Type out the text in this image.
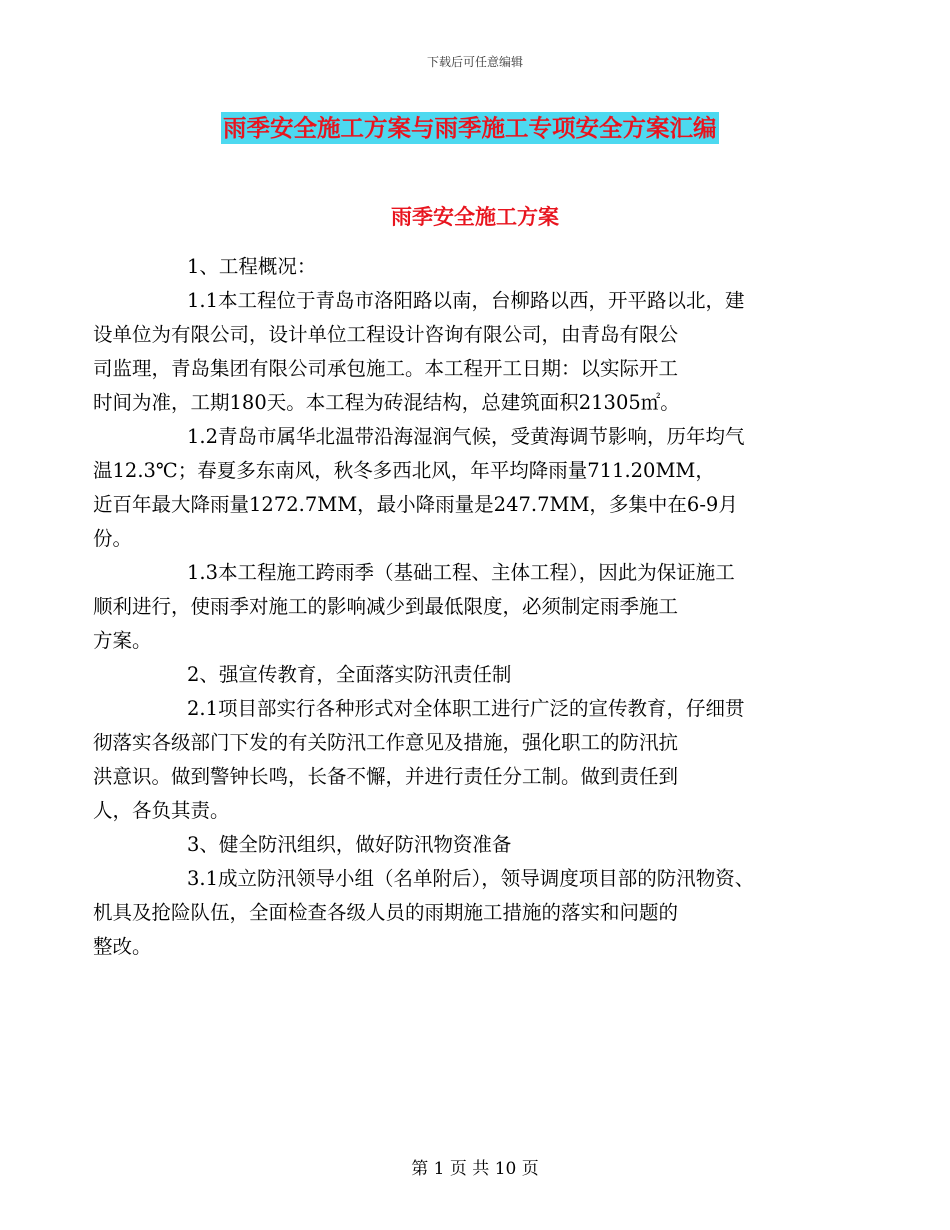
下载后可任意编辑
雨季安全施工方案与雨季施工专项安全方案汇编
雨季安全施工方案

1、工程概况：

1.1本工程位于青岛市洛阳路以南，台柳路以西，开平路以北，建
设单位为有限公司，设计单位工程设计咨询有限公司，由青岛有限公
司监理，青岛集团有限公司承包施工。本工程开工日期：以实际开工
时间为准，工期180天。本工程为砖混结构，总建筑面积21305㎡。

1.2青岛市属华北温带沿海湿润气候，受黄海调节影响，历年均气
温12.3℃；春夏多东南风，秋冬多西北风，年平均降雨量711.20MM，
近百年最大降雨量1272.7MM，最小降雨量是247.7MM，多集中在6-9月
份。

1.3本工程施工跨雨季（基础工程、主体工程），因此为保证施工
顺利进行，使雨季对施工的影响减少到最低限度，必须制定雨季施工
方案。

2、强宣传教育，全面落实防汛责任制

2.1项目部实行各种形式对全体职工进行广泛的宣传教育，仔细贯
彻落实各级部门下发的有关防汛工作意见及措施，强化职工的防汛抗
洪意识。做到警钟长鸣，长备不懈，并进行责任分工制。做到责任到
人，各负其责。

3、健全防汛组织，做好防汛物资准备

3.1成立防汛领导小组（名单附后），领导调度项目部的防汛物资、
机具及抢险队伍，全面检查各级人员的雨期施工措施的落实和问题的
整改。

第 1 页 共 10 页
